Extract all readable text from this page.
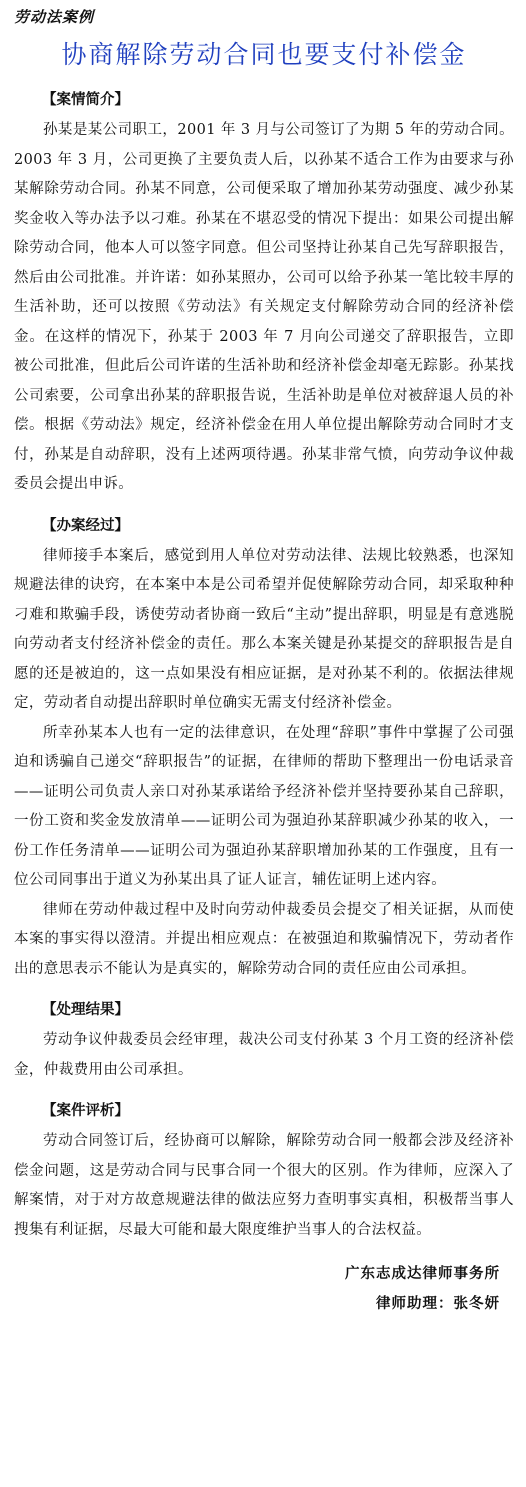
劳动法案例
协商解除劳动合同也要支付补偿金
【案情简介】

孙某是某公司职工，2001 年 3 月与公司签订了为期 5 年的劳动合同。2003 年 3 月，公司更换了主要负责人后，以孙某不适合工作为由要求与孙某解除劳动合同。孙某不同意，公司便采取了增加孙某劳动强度、减少孙某奖金收入等办法予以刁难。孙某在不堪忍受的情况下提出：如果公司提出解除劳动合同，他本人可以签字同意。但公司坚持让孙某自己先写辞职报告，然后由公司批准。并许诺：如孙某照办，公司可以给予孙某一笔比较丰厚的生活补助，还可以按照《劳动法》有关规定支付解除劳动合同的经济补偿金。在这样的情况下，孙某于 2003 年 7 月向公司递交了辞职报告，立即被公司批准，但此后公司许诺的生活补助和经济补偿金却毫无踪影。孙某找公司索要，公司拿出孙某的辞职报告说，生活补助是单位对被辞退人员的补偿。根据《劳动法》规定，经济补偿金在用人单位提出解除劳动合同时才支付，孙某是自动辞职，没有上述两项待遇。孙某非常气愤，向劳动争议仲裁委员会提出申诉。

【办案经过】

律师接手本案后，感觉到用人单位对劳动法律、法规比较熟悉，也深知规避法律的诀窍，在本案中本是公司希望并促使解除劳动合同，却采取种种刁难和欺骗手段，诱使劳动者协商一致后“主动”提出辞职，明显是有意逃脱向劳动者支付经济补偿金的责任。那么本案关键是孙某提交的辞职报告是自愿的还是被迫的，这一点如果没有相应证据，是对孙某不利的。依据法律规定，劳动者自动提出辞职时单位确实无需支付经济补偿金。

所幸孙某本人也有一定的法律意识，在处理“辞职”事件中掌握了公司强迫和诱骗自己递交“辞职报告”的证据，在律师的帮助下整理出一份电话录音——证明公司负责人亲口对孙某承诺给予经济补偿并坚持要孙某自己辞职，一份工资和奖金发放清单——证明公司为强迫孙某辞职减少孙某的收入，一份工作任务清单——证明公司为强迫孙某辞职增加孙某的工作强度，且有一位公司同事出于道义为孙某出具了证人证言，辅佐证明上述内容。

律师在劳动仲裁过程中及时向劳动仲裁委员会提交了相关证据，从而使本案的事实得以澄清。并提出相应观点：在被强迫和欺骗情况下，劳动者作出的意思表示不能认为是真实的，解除劳动合同的责任应由公司承担。

【处理结果】

劳动争议仲裁委员会经审理，裁决公司支付孙某 3 个月工资的经济补偿金，仲裁费用由公司承担。

【案件评析】

劳动合同签订后，经协商可以解除，解除劳动合同一般都会涉及经济补偿金问题，这是劳动合同与民事合同一个很大的区别。作为律师，应深入了解案情，对于对方故意规避法律的做法应努力查明事实真相，积极帮当事人搜集有利证据，尽最大可能和最大限度维护当事人的合法权益。

广东志成达律师事务所
律师助理：张冬妍
